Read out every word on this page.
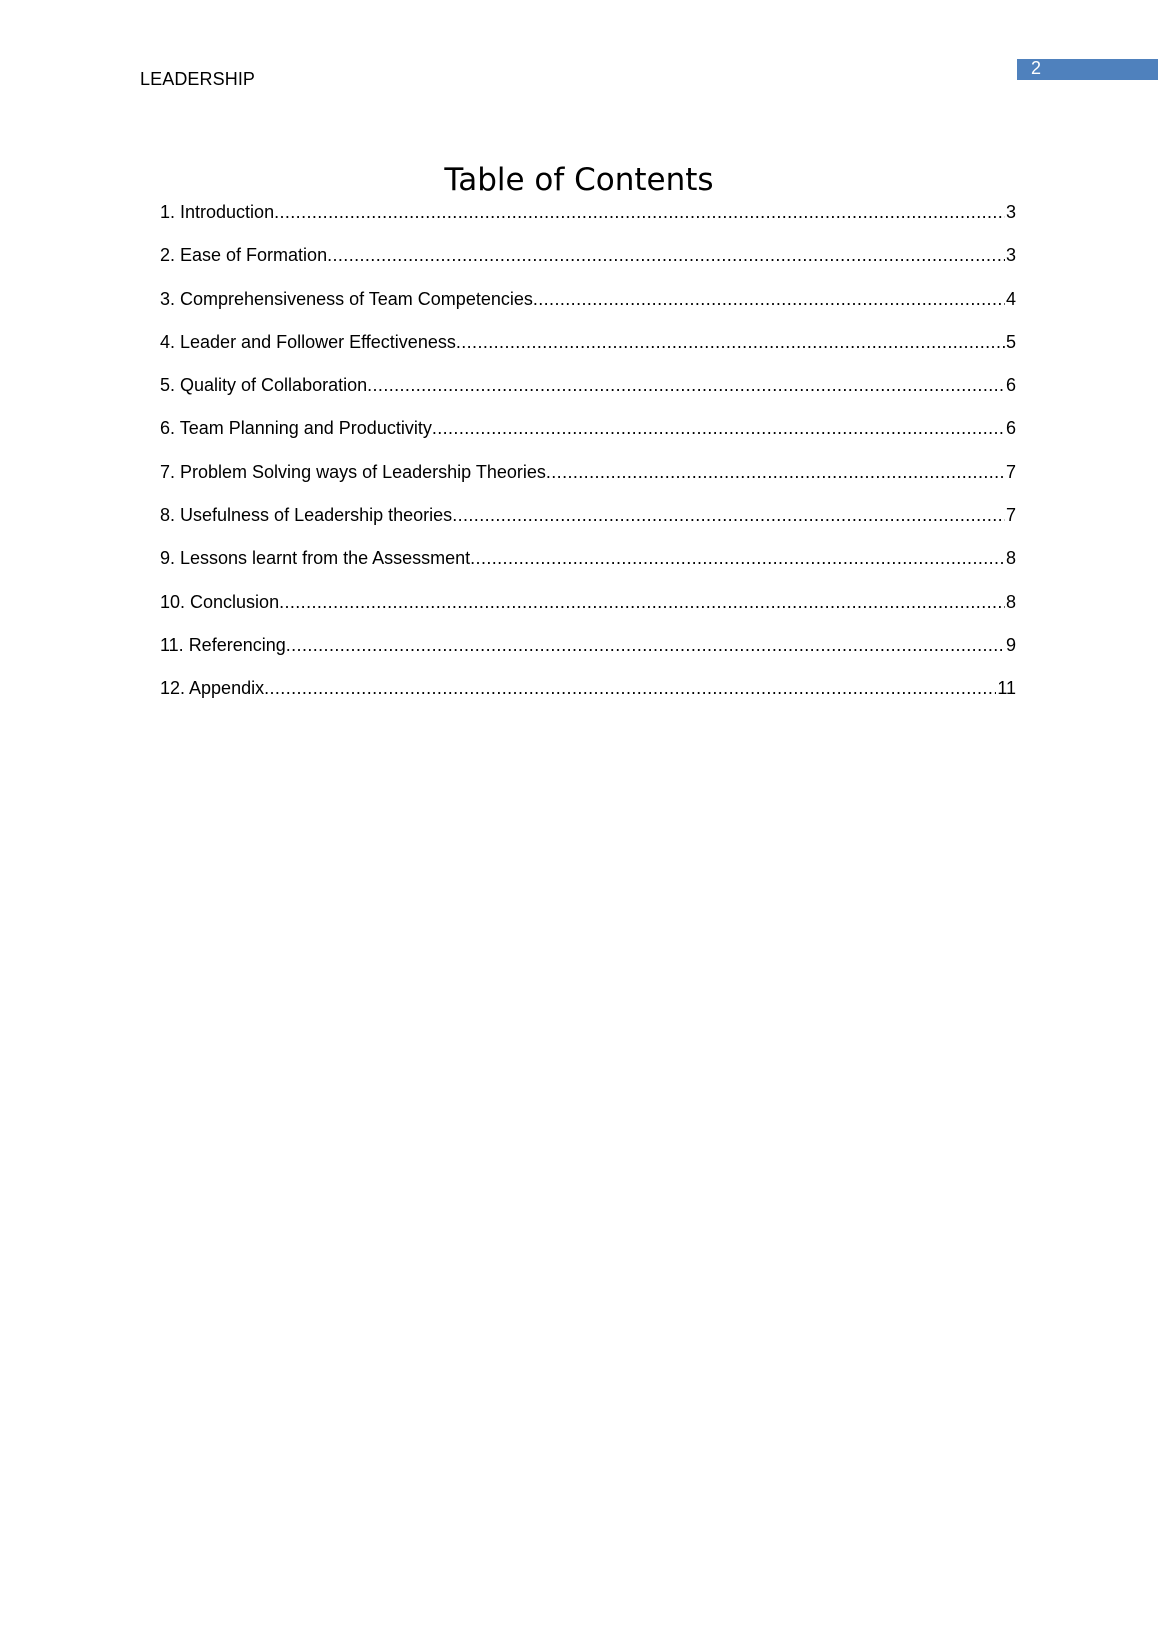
LEADERSHIP
2
Table of Contents
1. Introduction .....	3
2. Ease of Formation .....	3
3. Comprehensiveness of Team Competencies .....	4
4. Leader and Follower Effectiveness .....	5
5. Quality of Collaboration .....	6
6. Team Planning and Productivity .....	6
7. Problem Solving ways of Leadership Theories .....	7
8. Usefulness of Leadership theories .....	7
9. Lessons learnt from the Assessment .....	8
10. Conclusion .....	8
11. Referencing .....	9
12. Appendix .....	11
